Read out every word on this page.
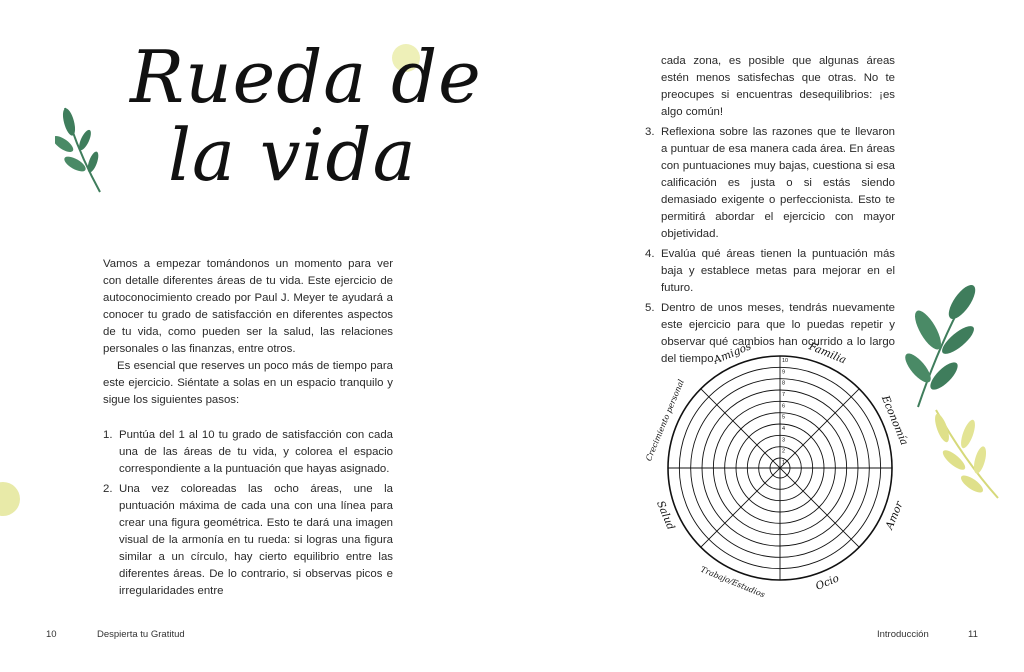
Rueda de
la vida

Vamos a empezar tomándonos un momento para ver con detalle diferentes áreas de tu vida. Este ejercicio de autoconocimiento creado por Paul J. Meyer te ayudará a conocer tu grado de satisfacción en diferentes aspectos de tu vida, como pueden ser la salud, las relaciones personales o las finanzas, entre otros.

Es esencial que reserves un poco más de tiempo para este ejercicio. Siéntate a solas en un espacio tranquilo y sigue los siguientes pasos:

1. Puntúa del 1 al 10 tu grado de satisfacción con cada una de las áreas de tu vida, y colorea el espacio correspondiente a la puntuación que hayas asignado.
2. Una vez coloreadas las ocho áreas, une la puntuación máxima de cada una con una línea para crear una figura geométrica. Esto te dará una imagen visual de la armonía en tu rueda: si logras una figura similar a un círculo, hay cierto equilibrio entre las diferentes áreas. De lo contrario, si observas picos e irregularidades entre
10	Despierta tu Gratitud
cada zona, es posible que algunas áreas estén menos satisfechas que otras. No te preocupes si encuentras desequilibrios: ¡es algo común!
3. Reflexiona sobre las razones que te llevaron a puntuar de esa manera cada área. En áreas con puntuaciones muy bajas, cuestiona si esa calificación es justa o si estás siendo demasiado exigente o perfeccionista. Esto te permitirá abordar el ejercicio con mayor objetividad.
4. Evalúa qué áreas tienen la puntuación más baja y establece metas para mejorar en el futuro.
5. Dentro de unos meses, tendrás nuevamente este ejercicio para que lo puedas repetir y observar qué cambios han ocurrido a lo largo del tiempo.
1
2
3
4
5
6
7
8
9
10 Familia
Economía
Amor
Ocio
Trabajo/Estudios
Salud
Crecimiento personal
Amigos
Introducción	11
